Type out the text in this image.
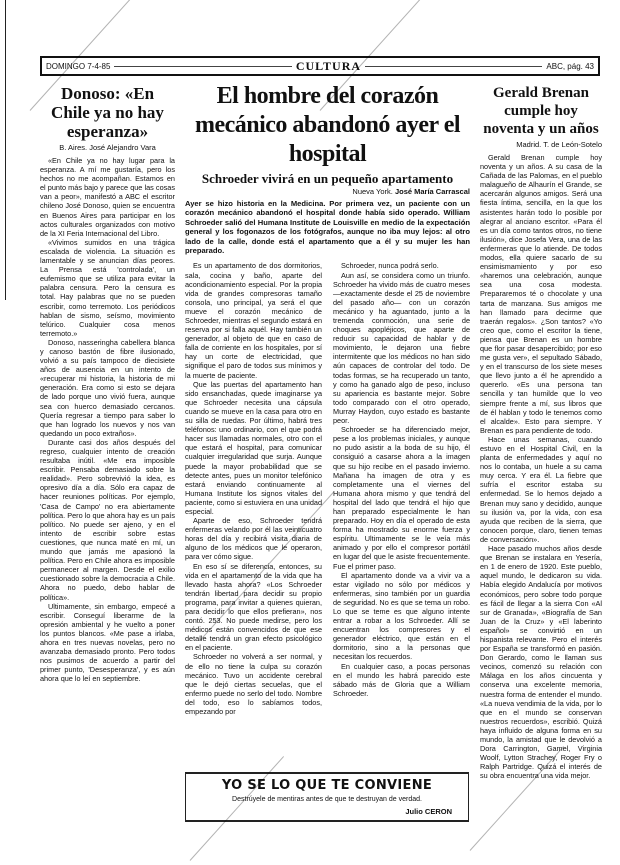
DOMINGO 7-4-85	CULTURA	ABC, pág. 43
Donoso: «En Chile ya no hay esperanza»
B. Aires. José Alejandro Vara

«En Chile ya no hay lugar para la esperanza. A mí me gustaría, pero los hechos no me acompañan. Estamos en el punto más bajo y parece que las cosas van a peor», manifestó a ABC el escritor chileno José Donoso, quien se encuentra en Buenos Aires para participar en los actos culturales organizados con motivo de la XI Feria Internacional del Libro.

«Vivimos sumidos en una trágica escalada de violencia. La situación es lamentable y se anuncian días peores. La Prensa está 'controlada', un eufemismo que se utiliza para evitar la palabra censura. Pero la censura es total. Hay palabras que no se pueden escribir, como terremoto. Los periódicos hablan de sismo, seísmo, movimiento telúrico. Cualquier cosa menos terremoto.»

Donoso, nasseringha cabellera blanca y canoso bastón de fibre ilusionado, volvió a su país tampoco de diecisiete años de ausencia en un intento de «recuperar mi historia, la historia de mi generación. Era como si esto se dejara de lado porque uno vivió fuera, aunque sea con huerco demasiado cercanos. Quería regresar a tiempo para saber lo que han logrado los nuevos y nos van quedando un poco extraños».

Durante casi dos años después del regreso, cualquier intento de creación resultaba inútil. «Me era imposible escribir. Pensaba demasiado sobre la realidad». Pero sobrevivió la idea, es opresivo día a día. Sólo era capaz de hacer reuniones políticas. Por ejemplo, 'Casa de Campo' no era abiertamente política. Pero lo que ahora hay es un país político. No puede ser ajeno, y en el intento de escribir sobre estas cuestiones, que nunca maté en mí, un mundo que jamás me apasionó la política. Pero en Chile ahora es imposible permanecer al margen. Desde el exilio cuestionado sobre la democracia a Chile. Ahora no puedo, debo hablar de política».

Ultimamente, sin embargo, empecé a escribir. Conseguí liberarme de la opresión ambiental y he vuelto a poner los puntos blancos. «Me pase a irlaba, ahora en tres nuevas novelas, pero no avanzaba demasiado pronto. Pero todos nos pusimos de acuerdo a partir del primer punto, 'Desesperanza', y es aún ahora que lo leí en septiembre.

El hombre del corazón mecánico abandonó ayer el hospital
Schroeder vivirá en un pequeño apartamento
Nueva York. José María Carrascal
Ayer se hizo historia en la Medicina. Por primera vez, un paciente con un corazón mecánico abandonó el hospital donde había sido operado. William Schroeder salió del Humana Institute de Louisville en medio de la expectación general y los fogonazos de los fotógrafos, aunque no iba muy lejos: al otro lado de la calle, donde está el apartamento que a él y su mujer les han preparado.

Es un apartamento de dos dormitorios, sala, cocina y baño, aparte del acondicionamiento especial. Por la propia vida de grandes compresoras tamaño consola, uno principal, ya será el que mueve el corazón mecánico de Schroeder, mientras el segundo estará en reserva por si falla aquél. Hay también un generador, al objeto de que en caso de falla de corriente en los hospitales, por sí hay un corte de electricidad, que signifique el paro de todos sus mínimos y la muerte de paciente.

Que las puertas del apartamento han sido ensanchadas, quede imaginarse ya que Schroeder necesita una cápsula cuando se mueve en la casa para otro en su silla de ruedas. Por último, habrá tres teléfonos: uno ordinario, con el que podrá hacer sus llamadas normales, otro con el que estará el hospital, para comunicar cualquier irregularidad que surja. Aunque puede la mayor probabilidad que se detecte antes, pues un monitor telefónico estará enviando continuamente al Humana Institute los signos vitales del paciente, como si estuviera en una unidad especial.

Aparte de eso, Schroeder tendrá enfermeras velando por él las veinticuatro horas del día y recibirá visita diaria de alguno de los médicos que le operaron, para ver cómo sigue.

En eso sí se diferencia, entonces, su vida en el apartamento de la vida que ha llevado hasta ahora? «Los Schroeder tendrán libertad para decidir su propio programa, para invitar a quienes quieran, para decidir lo que ellos prefieran», nos contó. 253. No puede medirse, pero los médicos están convencidos de que ese detalle tendrá un gran efecto psicológico en el paciente.

Schroeder no volverá a ser normal, y de ello no tiene la culpa su corazón mecánico. Tuvo un accidente cerebral que le dejó ciertas secuelas, que el enfermo puede no serlo del todo. Nombre del todo, eso lo sabíamos todos, empezando por

Schroeder, nunca podrá serlo.

Aun así, se considera como un triunfo. Schroeder ha vivido más de cuatro meses —exactamente desde el 25 de noviembre del pasado año— con un corazón mecánico y ha aguantado, junto a la tremenda conmoción, una serie de choques apopléjicos, que aparte de reducir su capacidad de hablar y de movimiento, le dejaron una fiebre intermitente que los médicos no han sido aún capaces de controlar del todo. De todas formas, se ha recuperado un tanto, y como ha ganado algo de peso, incluso su apariencia es bastante mejor. Sobre todo comparado con el otro operado, Murray Haydon, cuyo estado es bastante peor.

Schroeder se ha diferenciado mejor, pese a los problemas iniciales, y aunque no pudo asistir a la boda de su hijo, él consiguió a casarse ahora a la imagen que su hijo recibe en el pasado invierno. Mañana ha imagen de otra y es completamente una el viernes del Humana ahora mismo y que tendrá del hospital del lado que tendrá el hijo que han preparado especialmente le han preparado. Hoy en día el operado de esta forma ha mostrado su enorme fuerza y espíritu. Ultimamente se le veía más animado y por ello el compresor portátil en lugar del que le asiste frecuentemente. Fue el primer paso.

El apartamento donde va a vivir va a estar vigilado no sólo por médicos y enfermeras, sino también por un guardia de seguridad. No es que se tema un robo. Lo que se teme es que alguno intente entrar a robar a los Schroeder. Allí se encuentran los compresores y el generador eléctrico, que están en el dormitorio, sino a la personas que necesitan los recuerdos.

En cualquier caso, a pocas personas en el mundo les habrá parecido este sábado más de Gloria que a William Schroeder.

YO SE LO QUE TE CONVIENE
Destrúyele de mentiras antes de que te destruyan de verdad.
Julio CERON
Gerald Brenan cumple hoy noventa y un años
Madrid. T. de León-Sotelo

Gerald Brenan cumple hoy noventa y un años. A su casa de la Cañada de las Palomas, en el pueblo malagueño de Alhaurín el Grande, se acercarán algunos amigos. Será una fiesta íntima, sencilla, en la que los asistentes harán todo lo posible por alegrar al anciano escritor. «Para él es un día como tantos otros, no tiene ilusión», dice Josefa Vera, una de las enfermeras que lo atiende. De todos modos, ella quiere sacarlo de su ensimismamiento y por eso «haremos una celebración, aunque sea una cosa modesta. Prepararemos té o chocolate y una tarta de manzana. Sus amigos me han llamado para decirme que traerán regalos». ¿Son tantos? «Yo creo que, como el escritor la tiene, piensa que Brenan es un hombre que flor pasar desapercibido; por eso me gusta ver», el sepultado Sábado, y en el transcurso de los siete meses que llevo junto a él he aprendido a quererlo. «Es una persona tan sencilla y tan humilde que lo veo siempre frente a mí, sus libros que de él hablan y todo le tenemos como el alcalde». Esto para siempre. Y Brenan es para pendiente de todo.

Hace unas semanas, cuando estuvo en el Hospital Civil, en la planta de enfermedades y aquí no nos lo contaba, un huele a su cama muy cerca. Y era él. La fiebre que sufría el escritor estaba su enfermedad. Se lo hemos dejado a Brenan muy sano y decidido, aunque su ilusión va, por la vida, con esa ayuda que reciben de la sierra, que conocen porque, claro, tienen temas de conversación».

Hace pasado muchos años desde que Brenan se instalara en Yesería, en 1 de enero de 1920. Este pueblo, aquel mundo, le dedicaron su vida. Había elegido Andalucía por motivos económicos, pero sobre todo porque es fácil de llegar a la sierra Con «Al sur de Granada», «Biografía de San Juan de la Cruz» y «El laberinto español» se convirtió en un hispanista relevante. Pero el interés por España se transformó en pasión. Don Gerardo, como le llaman sus vecinos, comenzó su relación con Málaga en los años cincuenta y conserva una excelente memoria, nuestra forma de entender el mundo. «La nueva vendimia de la vida, por lo que en el mundo se conservan nuestros recuerdos», escribió. Quizá haya influido de alguna forma en su mundo, la amistad que le devolvió a Dora Carrington, Gamel, Virginia Woolf, Lytton Strachey, Roger Fry o Ralph Partridge. Quizá el interés de su obra encuentra una vida mejor.
